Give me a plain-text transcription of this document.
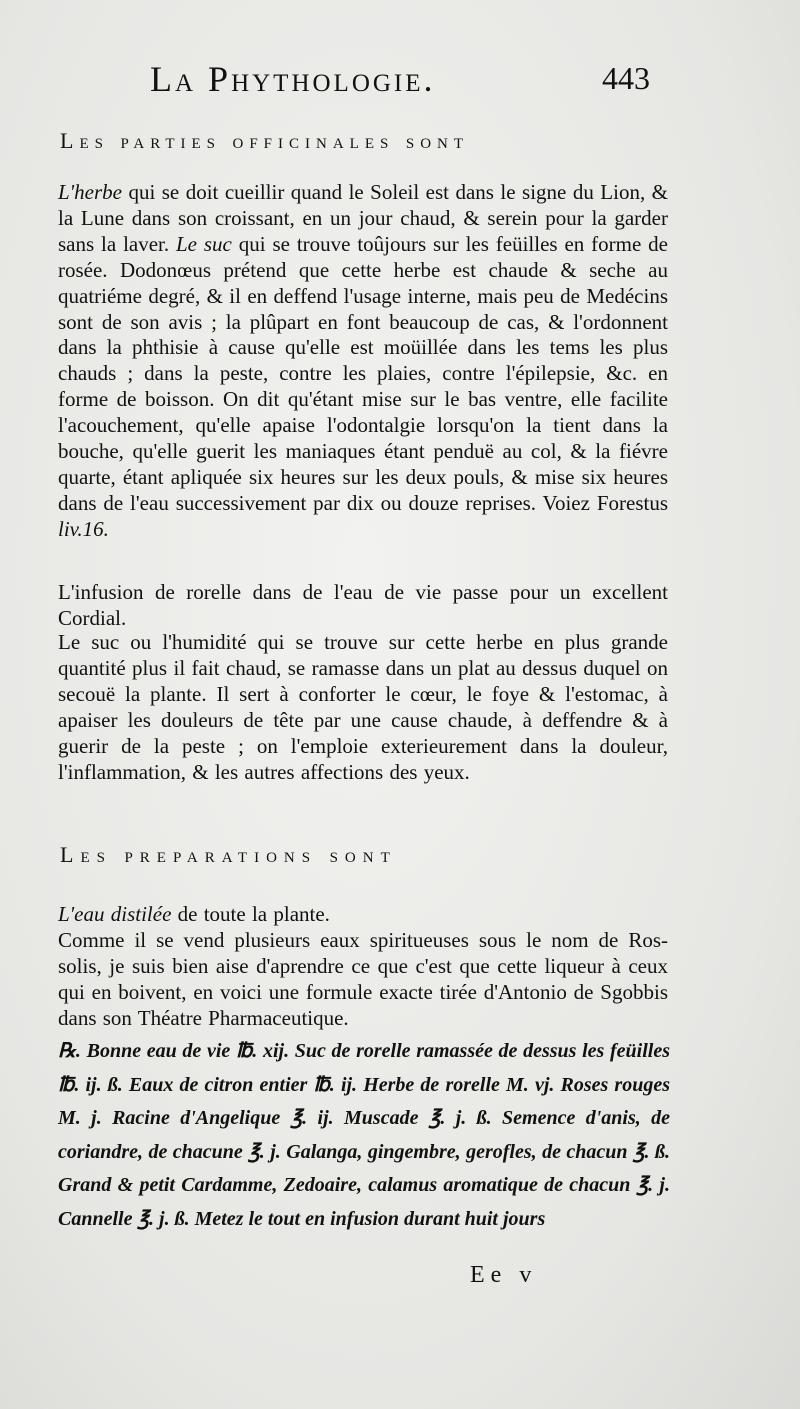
La Phythologie.	443
Les parties officinales sont

L'herbe qui se doit cueillir quand le Soleil est dans le signe du Lion, & la Lune dans son croissant, en un jour chaud, & serein pour la garder sans la laver. Le suc qui se trouve toûjours sur les feüilles en forme de rosée. Dodonœus prétend que cette herbe est chaude & seche au quatriéme degré, & il en deffend l'usage interne, mais peu de Medécins sont de son avis ; la plûpart en font beaucoup de cas, & l'ordonnent dans la phthisie à cause qu'elle est moüillée dans les tems les plus chauds ; dans la peste, contre les plaies, contre l'épilepsie, &c. en forme de boisson. On dit qu'étant mise sur le bas ventre, elle facilite l'acouchement, qu'elle apaise l'odontalgie lorsqu'on la tient dans la bouche, qu'elle guerit les maniaques étant penduë au col, & la fiévre quarte, étant apliquée six heures sur les deux pouls, & mise six heures dans de l'eau successivement par dix ou douze reprises. Voiez Forestus liv.16.

L'infusion de rorelle dans de l'eau de vie passe pour un excellent Cordial.

Le suc ou l'humidité qui se trouve sur cette herbe en plus grande quantité plus il fait chaud, se ramasse dans un plat au dessus duquel on secouë la plante. Il sert à conforter le cœur, le foye & l'estomac, à apaiser les douleurs de tête par une cause chaude, à deffendre & à guerir de la peste ; on l'emploie exterieurement dans la douleur, l'inflammation, & les autres affections des yeux.

Les preparations sont

L'eau distilée de toute la plante.

Comme il se vend plusieurs eaux spiritueuses sous le nom de Ros-solis, je suis bien aise d'aprendre ce que c'est que cette liqueur à ceux qui en boivent, en voici une formule exacte tirée d'Antonio de Sgobbis dans son Théatre Pharmaceutique.

℞. Bonne eau de vie ℔. xij. Suc de rorelle ramassée de dessus les feüilles ℔. ij. ß. Eaux de citron entier ℔. ij. Herbe de rorelle M. vj. Roses rouges M. j. Racine d'Angelique ℥. ij. Muscade ℥. j. ß. Semence d'anis, de coriandre, de chacune ℥. j. Galanga, gingembre, gerofles, de chacun ℥. ß. Grand & petit Cardamme, Zedoaire, calamus aromatique de chacun ℥. j. Cannelle ℥. j. ß. Metez le tout en infusion durant huit jours
Ee v
